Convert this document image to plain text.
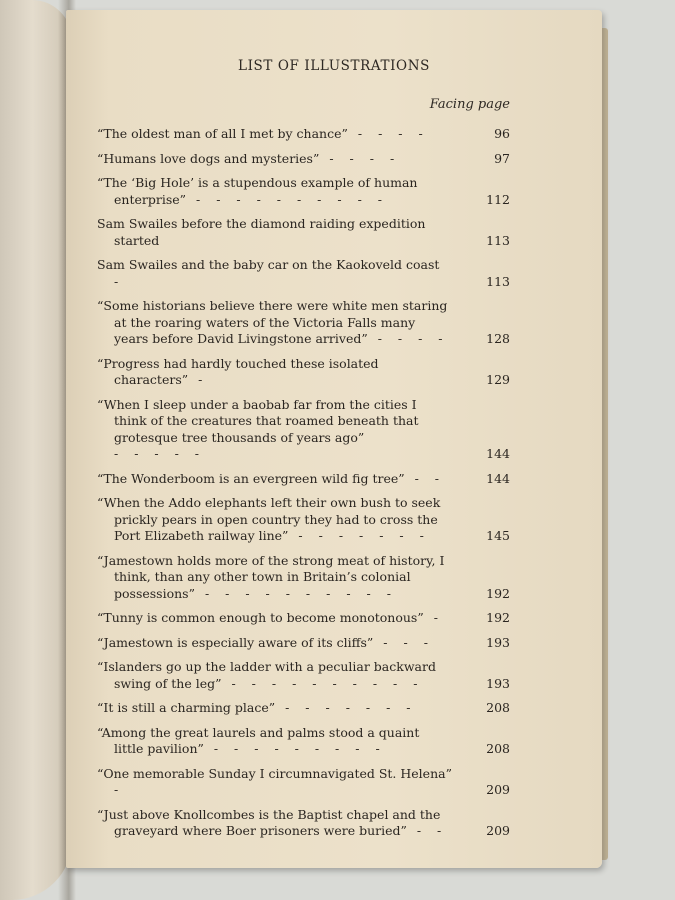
LIST OF ILLUSTRATIONS
Facing page
“The oldest man of all I met by chance” - - - -	96
“Humans love dogs and mysteries” - - - -	97
“The ‘Big Hole’ is a stupendous example of human enterprise” - - - - - - - - - -	112
Sam Swailes before the diamond raiding expedition started	113
Sam Swailes and the baby car on the Kaokoveld coast -	113
“Some historians believe there were white men staring at the roaring waters of the Victoria Falls many years before David Livingstone arrived” - - - -	128
“Progress had hardly touched these isolated characters” -	129
“When I sleep under a baobab far from the cities I think of the creatures that roamed beneath that grotesque tree thousands of years ago” - - - - -	144
“The Wonderboom is an evergreen wild fig tree” - -	144
“When the Addo elephants left their own bush to seek prickly pears in open country they had to cross the Port Elizabeth railway line” - - - - - - -	145
“Jamestown holds more of the strong meat of history, I think, than any other town in Britain’s colonial possessions” - - - - - - - - - -	192
“Tunny is common enough to become monotonous” -	192
“Jamestown is especially aware of its cliffs” - - -	193
“Islanders go up the ladder with a peculiar backward swing of the leg” - - - - - - - - - -	193
“It is still a charming place” - - - - - - -	208
“Among the great laurels and palms stood a quaint little pavilion” - - - - - - - - -	208
“One memorable Sunday I circumnavigated St. Helena” -	209
“Just above Knollcombes is the Baptist chapel and the graveyard where Boer prisoners were buried” - -	209
